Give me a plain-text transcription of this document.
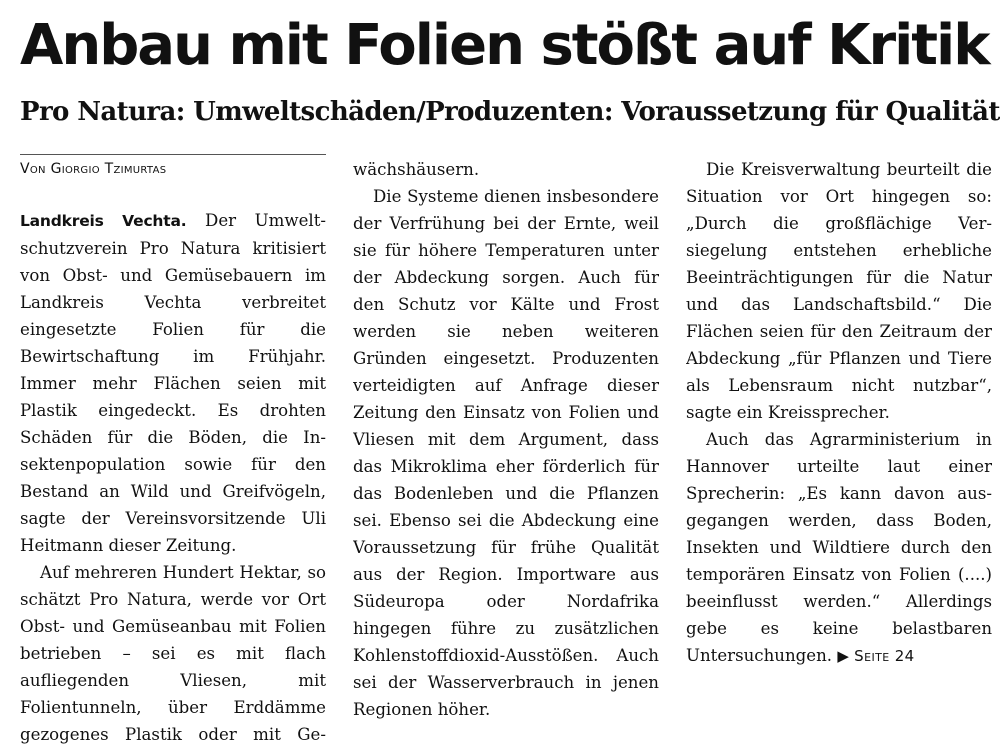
Anbau mit Folien stößt auf Kritik
Pro Natura: Umweltschäden/Produzenten: Voraussetzung für Qualität
Von Giorgio Tzimurtas

Landkreis Vechta. Der Umweltschutzverein Pro Natura kritisiert von Obst- und Gemüsebauern im Landkreis Vechta verbreitet eingesetzte Folien für die Bewirtschaftung im Frühjahr. Immer mehr Flächen seien mit Plastik eingedeckt. Es drohten Schäden für die Böden, die Insektenpopulation sowie für den Bestand an Wild und Greifvögeln, sagte der Vereinsvorsitzende Uli Heitmann dieser Zeitung.

Auf mehreren Hundert Hektar, so schätzt Pro Natura, werde vor Ort Obst- und Gemüseanbau mit Folien betrieben – sei es mit flach aufliegenden Vliesen, mit Folientunneln, über Erddämme gezogenes Plastik oder mit Ge

ächshäusern.

Die Systeme dienen insbesondere der Verfrühung bei der Ernte, weil sie für höhere Temperaturen unter der Abdeckung sorgen. Auch für den Schutz vor Kälte und Frost werden sie neben weiteren Gründen eingesetzt. Produzenten verteidigten auf Anfrage dieser Zeitung den Einsatz von Folien und Vliesen mit dem Argument, dass das Mikroklima eher förderlich für das Bodenleben und die Pflanzen sei. Ebenso sei die Abdeckung eine Voraussetzung für frühe Qualität aus der Region. Importware aus Südeuropa oder Nordafrika hingegen führe zu zusätzlichen Kohlenstoffdioxid-Ausstößen. Auch sei der Wasserverbrauch in jenen Regionen höher.

Die Kreisverwaltung beurteilt die Situation vor Ort hingegen so: „Durch die großflächige Versiegelung entstehen erhebliche Beeinträchtigungen für die Natur und das Landschaftsbild.“ Die Flächen seien für den Zeitraum der Abdeckung „für Pflanzen und Tiere als Lebensraum nicht nutzbar“, sagte ein Kreissprecher.

Auch das Agrarministerium in Hannover urteilte laut einer Sprecherin: „Es kann davon ausgegangen werden, dass Boden, Insekten und Wildtiere durch den temporären Einsatz von Folien (....) beeinflusst werden.“ Allerdings gebe es keine belastbaren Untersuchungen. ▶ Seite 24
